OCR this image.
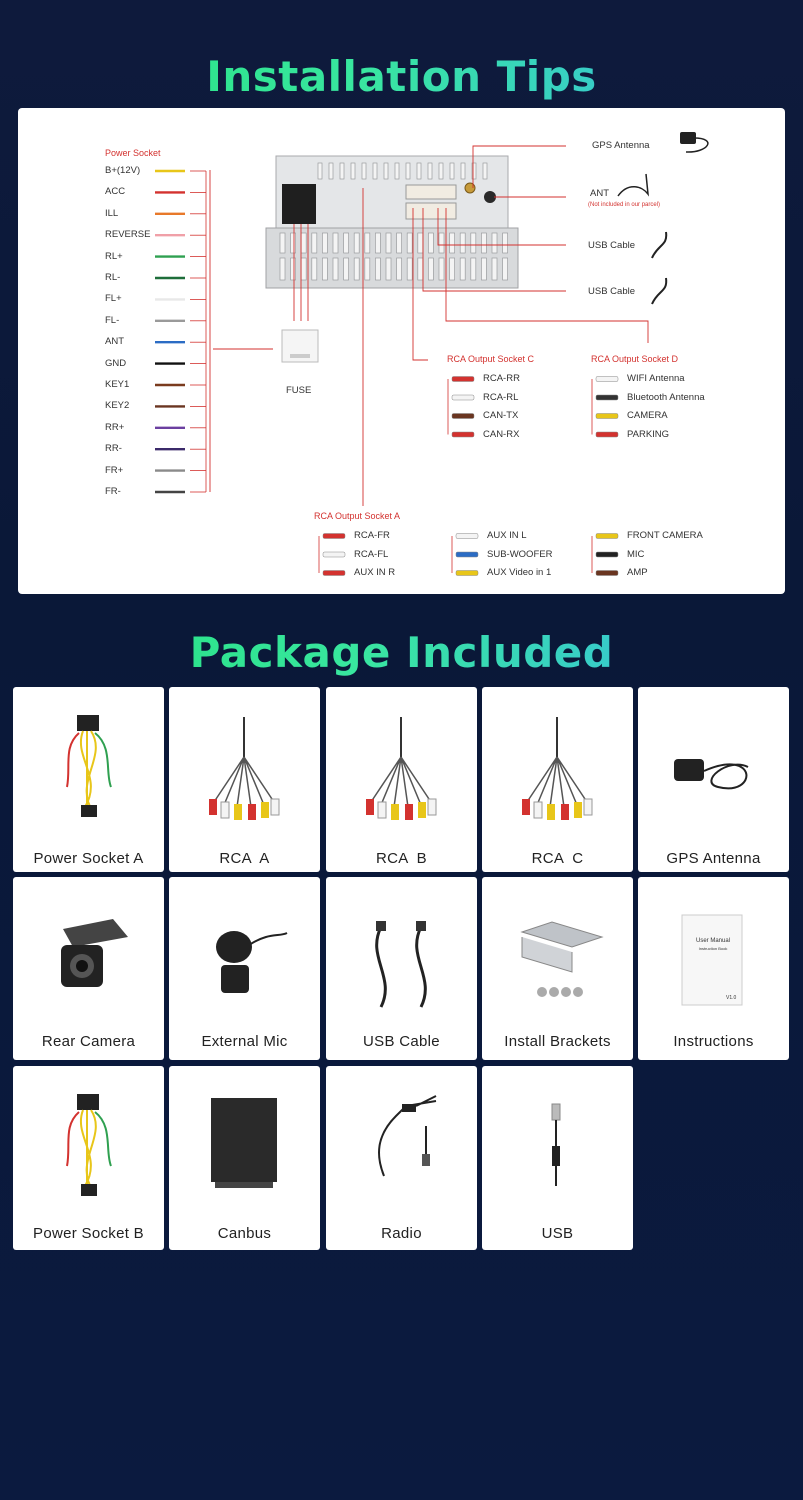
Installation Tips
Power Socket
B+(12V)
ACC
ILL
REVERSE
RL+
RL-
FL+
FL-
ANT
GND
KEY1
KEY2
RR+
RR-
FR+
FR-
FUSE
GPS Antenna
ANT
(Not included in our parcel)
USB Cable
USB Cable
RCA Output Socket C	RCA Output Socket D
RCA Output Socket A
RCA-RR
RCA-RL
CAN-TX
CAN-RX
WIFI Antenna
Bluetooth Antenna
CAMERA
PARKING
RCA-FR
RCA-FL
AUX IN R
AUX IN L
SUB-WOOFER
AUX Video in 1
FRONT CAMERA
MIC
AMP
Package Included
Power Socket A	RCA  A	RCA  B	RCA  C	GPS Antenna
Rear Camera	External Mic	USB Cable	Install Brackets
User Manual
Instruction Book
V1.0
Instructions
Power Socket B	Canbus	Radio	USB
